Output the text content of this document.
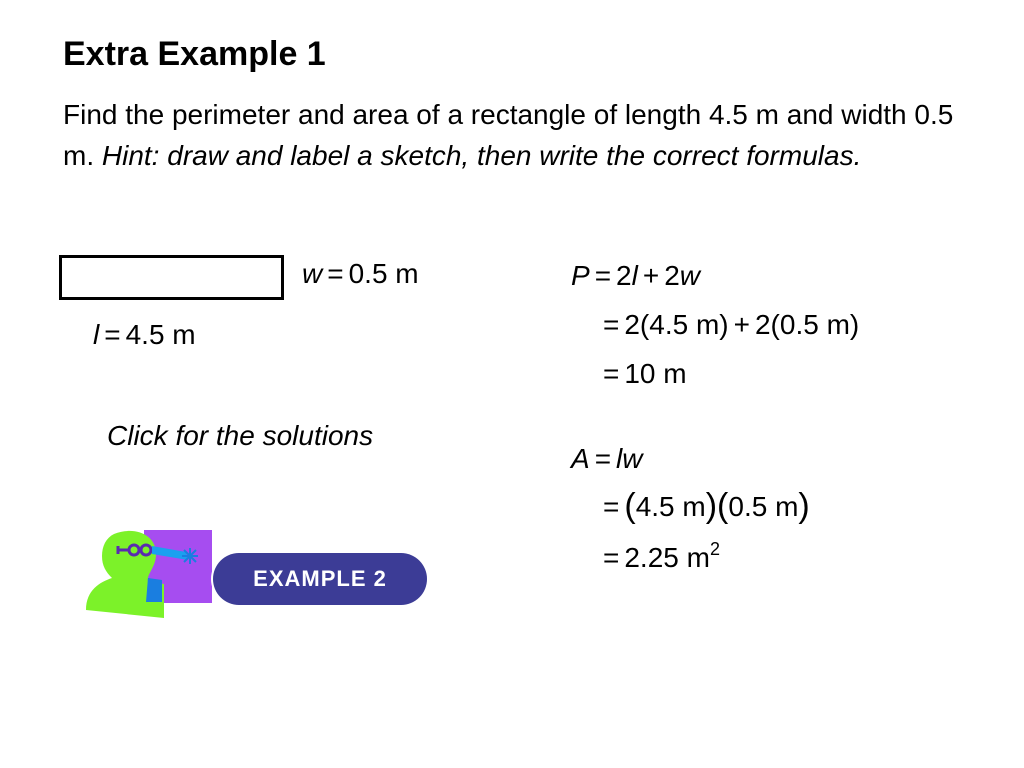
Extra Example 1

Find the perimeter and area of a rectangle of length 4.5 m and width 0.5 m. Hint: draw and label a sketch, then write the correct formulas.

w = 0.5 m
l = 4.5 m
Click for the solutions
P = 2l + 2w
= 2(4.5 m) + 2(0.5 m)
= 10 m
A = lw
= (4.5 m)(0.5 m)
= 2.25 $m^2$
EXAMPLE 2
